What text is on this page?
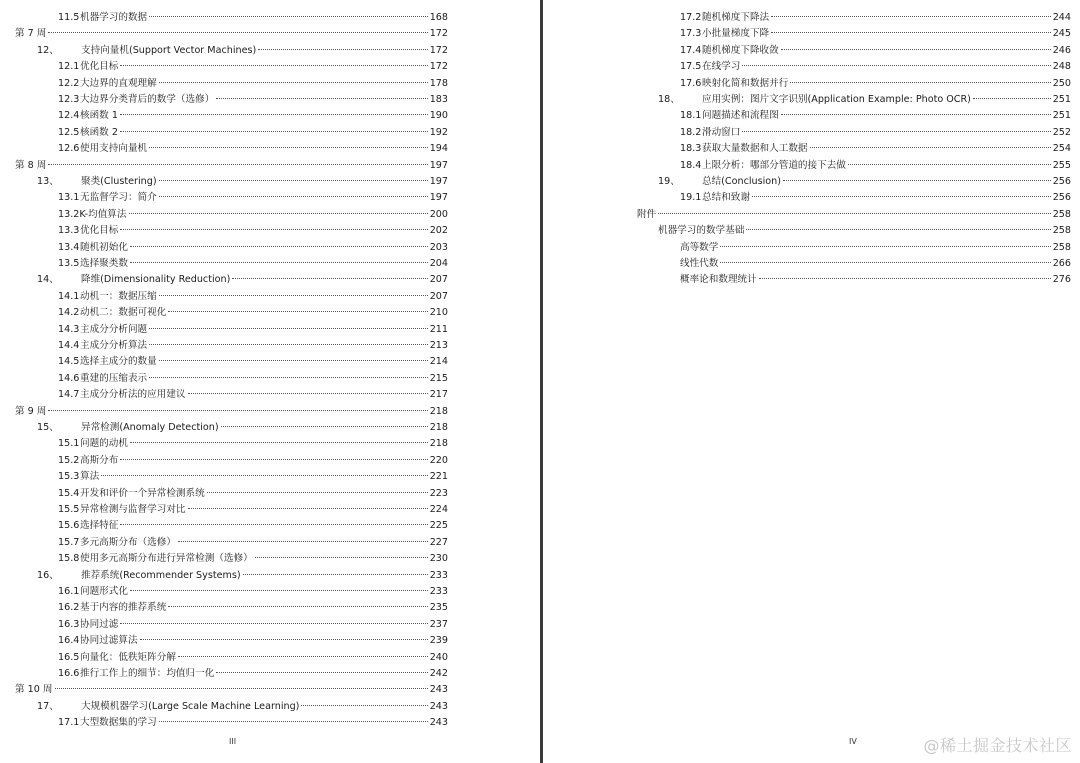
11.5 机器学习的数据	168
第 7 周	172
12、	支持向量机(Support Vector Machines)	172
12.1 优化目标	172
12.2 大边界的直观理解	178
12.3 大边界分类背后的数学（选修）	183
12.4 核函数 1	190
12.5 核函数 2	192
12.6 使用支持向量机	194
第 8 周	197
13、	聚类(Clustering)	197
13.1 无监督学习：简介	197
13.2 K-均值算法	200
13.3 优化目标	202
13.4 随机初始化	203
13.5 选择聚类数	204
14、	降维(Dimensionality Reduction)	207
14.1 动机一：数据压缩	207
14.2 动机二：数据可视化	210
14.3 主成分分析问题	211
14.4 主成分分析算法	213
14.5 选择主成分的数量	214
14.6 重建的压缩表示	215
14.7 主成分分析法的应用建议	217
第 9 周	218
15、	异常检测(Anomaly Detection)	218
15.1 问题的动机	218
15.2 高斯分布	220
15.3 算法	221
15.4 开发和评价一个异常检测系统	223
15.5 异常检测与监督学习对比	224
15.6 选择特征	225
15.7 多元高斯分布（选修）	227
15.8 使用多元高斯分布进行异常检测（选修）	230
16、	推荐系统(Recommender Systems)	233
16.1 问题形式化	233
16.2 基于内容的推荐系统	235
16.3 协同过滤	237
16.4 协同过滤算法	239
16.5 向量化：低秩矩阵分解	240
16.6 推行工作上的细节：均值归一化	242
第 10 周	243
17、	大规模机器学习(Large Scale Machine Learning)	243
17.1 大型数据集的学习	243
17.2 随机梯度下降法	244
17.3 小批量梯度下降	245
17.4 随机梯度下降收敛	246
17.5 在线学习	248
17.6 映射化简和数据并行	250
18、	应用实例：图片文字识别(Application Example: Photo OCR)	251
18.1 问题描述和流程图	251
18.2 滑动窗口	252
18.3 获取大量数据和人工数据	254
18.4 上限分析：哪部分管道的接下去做	255
19、	总结(Conclusion)	256
19.1 总结和致谢	256
附件	258
机器学习的数学基础	258
高等数学	258
线性代数	266
概率论和数理统计	276
III	IV	@稀土掘金技术社区
